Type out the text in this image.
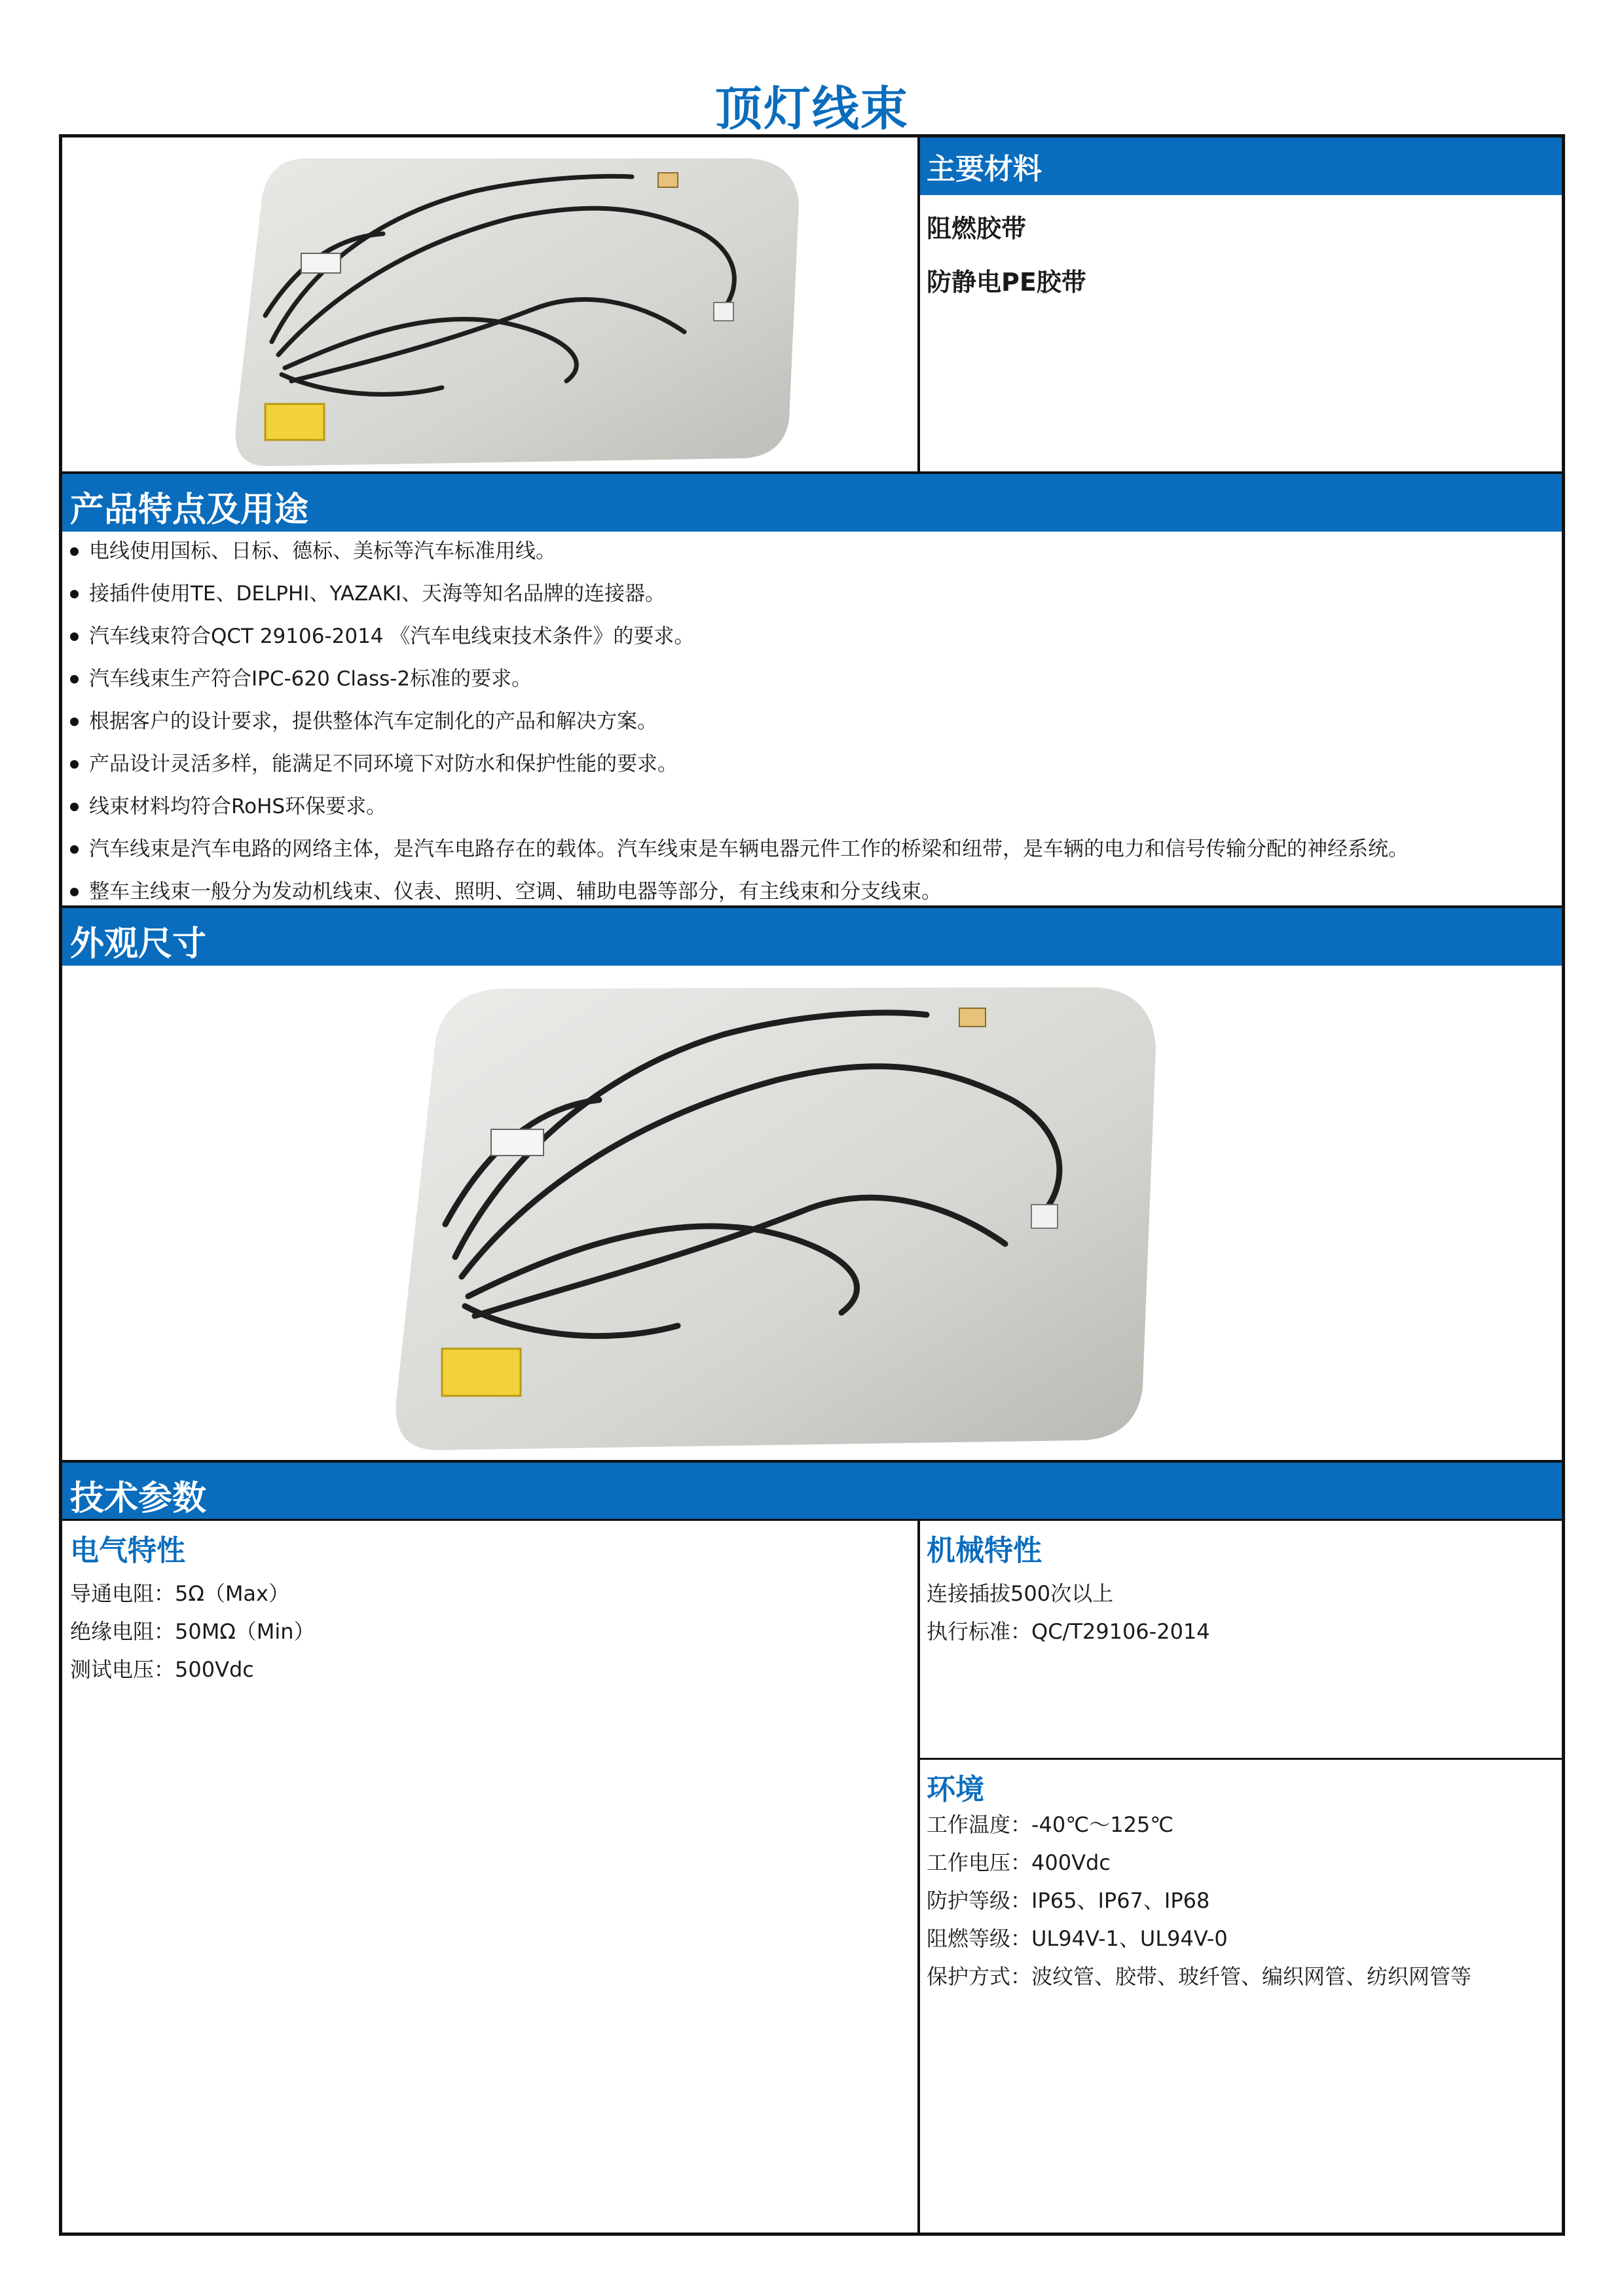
顶灯线束
主要材料
阻燃胶带
防静电PE胶带
产品特点及用途
电线使用国标、日标、德标、美标等汽车标准用线。
接插件使用TE、DELPHI、YAZAKI、天海等知名品牌的连接器。
汽车线束符合QCT 29106-2014 《汽车电线束技术条件》的要求。
汽车线束生产符合IPC-620 Class-2标准的要求。
根据客户的设计要求，提供整体汽车定制化的产品和解决方案。
产品设计灵活多样，能满足不同环境下对防水和保护性能的要求。
线束材料均符合RoHS环保要求。
汽车线束是汽车电路的网络主体，是汽车电路存在的载体。汽车线束是车辆电器元件工作的桥梁和纽带，是车辆的电力和信号传输分配的神经系统。
整车主线束一般分为发动机线束、仪表、照明、空调、辅助电器等部分，有主线束和分支线束。
外观尺寸
技术参数
电气特性
导通电阻：5Ω（Max）
绝缘电阻：50MΩ（Min）
测试电压：500Vdc
机械特性
连接插拔500次以上
执行标准：QC/T29106-2014
环境
工作温度：-40℃～125℃
工作电压：400Vdc
防护等级：IP65、IP67、IP68
阻燃等级：UL94V-1、UL94V-0
保护方式：波纹管、胶带、玻纤管、编织网管、纺织网管等
